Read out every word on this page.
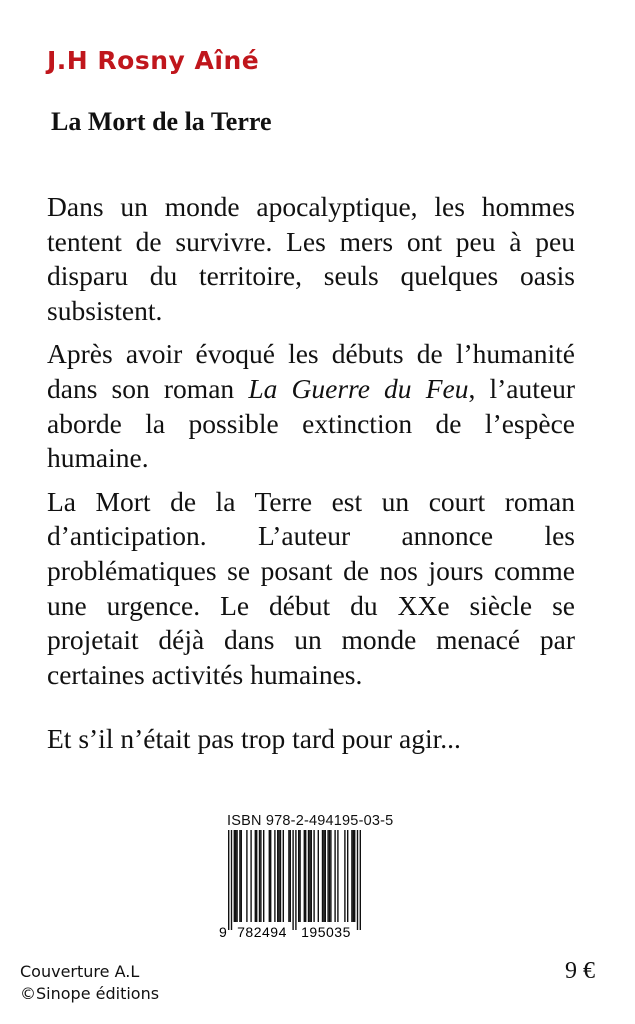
J.H Rosny Aîné
La Mort de la Terre

Dans un monde apocalyptique, les hommes tentent de survivre. Les mers ont peu à peu disparu du territoire, seuls quelques oasis subsistent.

Après avoir évoqué les débuts de l’humanité dans son roman La Guerre du Feu, l’auteur aborde la possible extinction de l’espèce humaine.

La Mort de la Terre est un court roman d’anticipation. L’auteur annonce les problématiques se posant de nos jours comme une urgence. Le début du XXe siècle se projetait déjà dans un monde menacé par certaines activités humaines.

Et s’il n’était pas trop tard pour agir...

ISBN 978-2-494195-03-5
9 782494 195035
Couverture A.L
©Sinope éditions
9 €
